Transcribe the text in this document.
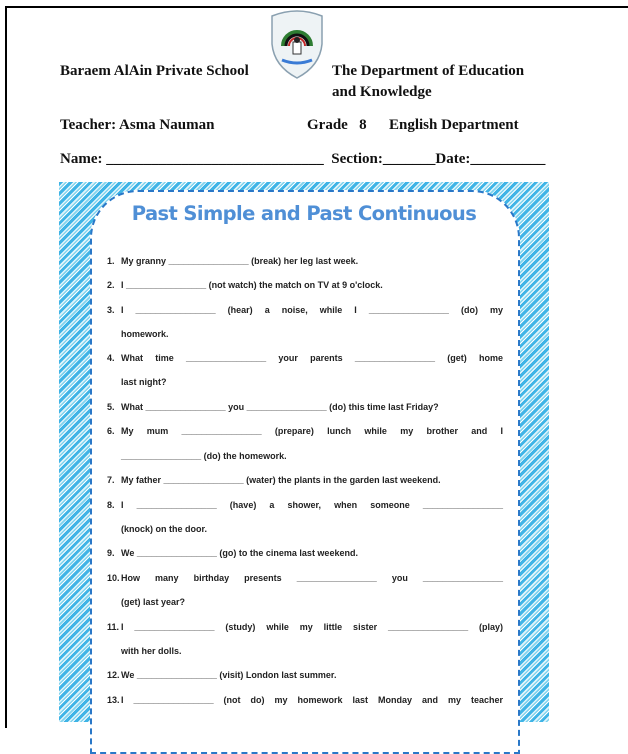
Baraem AlAin Private School	The Department of Education
and Knowledge
Teacher: Asma Nauman	Grade   8 English Department
Name: _____________________________  Section:_______Date:__________
Past Simple and Past Continuous
1. My granny ________________ (break) her leg last week.
2. I ________________ (not watch) the match on TV at 9 o'clock.
3. I ________________ (hear) a noise, while I ________________ (do) my
homework.
4. What time ________________ your parents ________________ (get) home
last night?
5. What ________________ you ________________ (do) this time last Friday?
6. My mum ________________ (prepare) lunch while my brother and I
________________ (do) the homework.
7. My father ________________ (water) the plants in the garden last weekend.
8. I ________________ (have) a shower, when someone ________________
(knock) on the door.
9. We ________________ (go) to the cinema last weekend.
10. How many birthday presents ________________ you ________________
(get) last year?
11. I ________________ (study) while my little sister ________________ (play)
with her dolls.
12. We ________________ (visit) London last summer.
13. I ________________ (not do) my homework last Monday and my teacher
